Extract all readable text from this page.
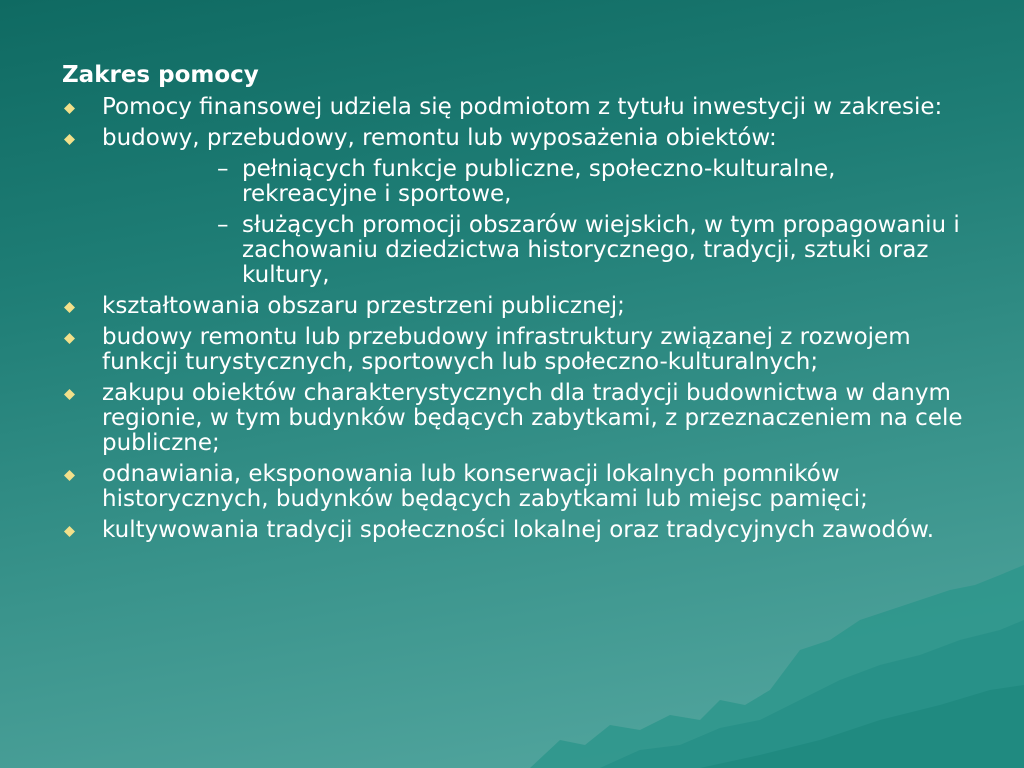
Zakres pomocy
Pomocy finansowej udziela się podmiotom z tytułu inwestycji w zakresie:
budowy, przebudowy, remontu lub wyposażenia obiektów:
– pełniących funkcje publiczne, społeczno-kulturalne, rekreacyjne i sportowe,
– służących promocji obszarów wiejskich, w tym propagowaniu i zachowaniu dziedzictwa historycznego, tradycji, sztuki oraz kultury,
kształtowania obszaru przestrzeni publicznej;
budowy remontu lub przebudowy infrastruktury związanej z rozwojem funkcji turystycznych, sportowych lub społeczno-kulturalnych;
zakupu obiektów charakterystycznych dla tradycji budownictwa w danym regionie, w tym budynków będących zabytkami, z przeznaczeniem na cele publiczne;
odnawiania, eksponowania lub konserwacji lokalnych pomników historycznych, budynków będących zabytkami lub miejsc pamięci;
kultywowania tradycji społeczności lokalnej oraz tradycyjnych zawodów.
